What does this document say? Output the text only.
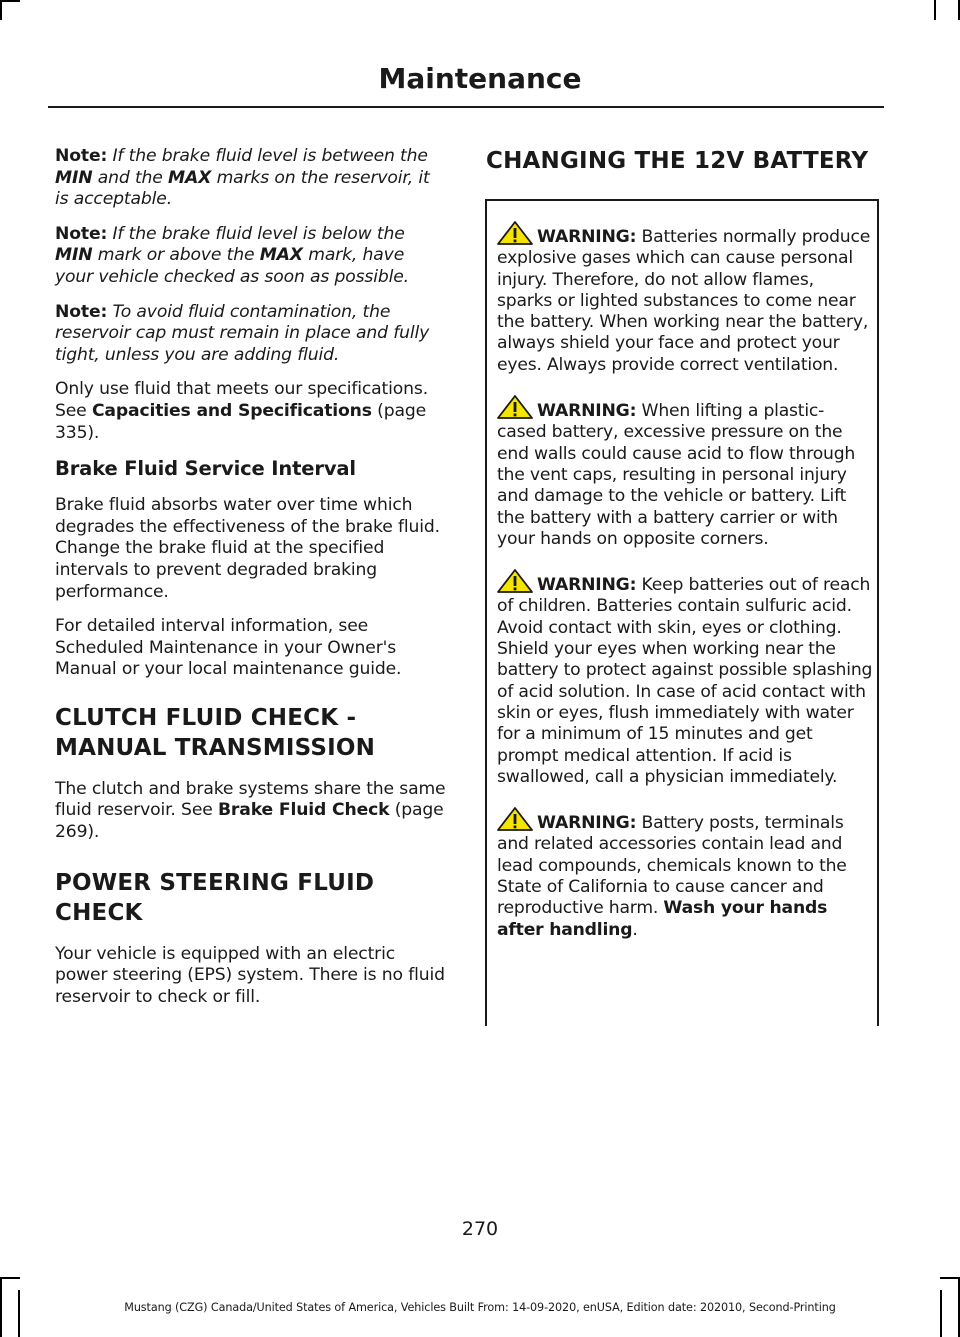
Maintenance

Note: If the brake fluid level is between the MIN and the MAX marks on the reservoir, it is acceptable.

Note: If the brake fluid level is below the MIN mark or above the MAX mark, have your vehicle checked as soon as possible.

Note: To avoid fluid contamination, the reservoir cap must remain in place and fully tight, unless you are adding fluid.

Only use fluid that meets our specifications. See Capacities and Specifications (page 335).

Brake Fluid Service Interval

Brake fluid absorbs water over time which degrades the effectiveness of the brake fluid. Change the brake fluid at the specified intervals to prevent degraded braking performance.

For detailed interval information, see Scheduled Maintenance in your Owner's Manual or your local maintenance guide.

CLUTCH FLUID CHECK -
MANUAL TRANSMISSION

The clutch and brake systems share the same fluid reservoir. See Brake Fluid Check (page 269).

POWER STEERING FLUID
CHECK

Your vehicle is equipped with an electric power steering (EPS) system. There is no fluid reservoir to check or fill.

CHANGING THE 12V BATTERY
WARNING: Batteries normally produce explosive gases which can cause personal injury. Therefore, do not allow flames, sparks or lighted substances to come near the battery. When working near the battery, always shield your face and protect your eyes. Always provide correct ventilation.
WARNING: When lifting a plastic-cased battery, excessive pressure on the end walls could cause acid to flow through the vent caps, resulting in personal injury and damage to the vehicle or battery. Lift the battery with a battery carrier or with your hands on opposite corners.
WARNING: Keep batteries out of reach of children. Batteries contain sulfuric acid. Avoid contact with skin, eyes or clothing. Shield your eyes when working near the battery to protect against possible splashing of acid solution. In case of acid contact with skin or eyes, flush immediately with water for a minimum of 15 minutes and get prompt medical attention. If acid is swallowed, call a physician immediately.
WARNING: Battery posts, terminals and related accessories contain lead and lead compounds, chemicals known to the State of California to cause cancer and reproductive harm. Wash your hands after handling.
270
Mustang (CZG) Canada/United States of America, Vehicles Built From: 14-09-2020, enUSA, Edition date: 202010, Second-Printing
